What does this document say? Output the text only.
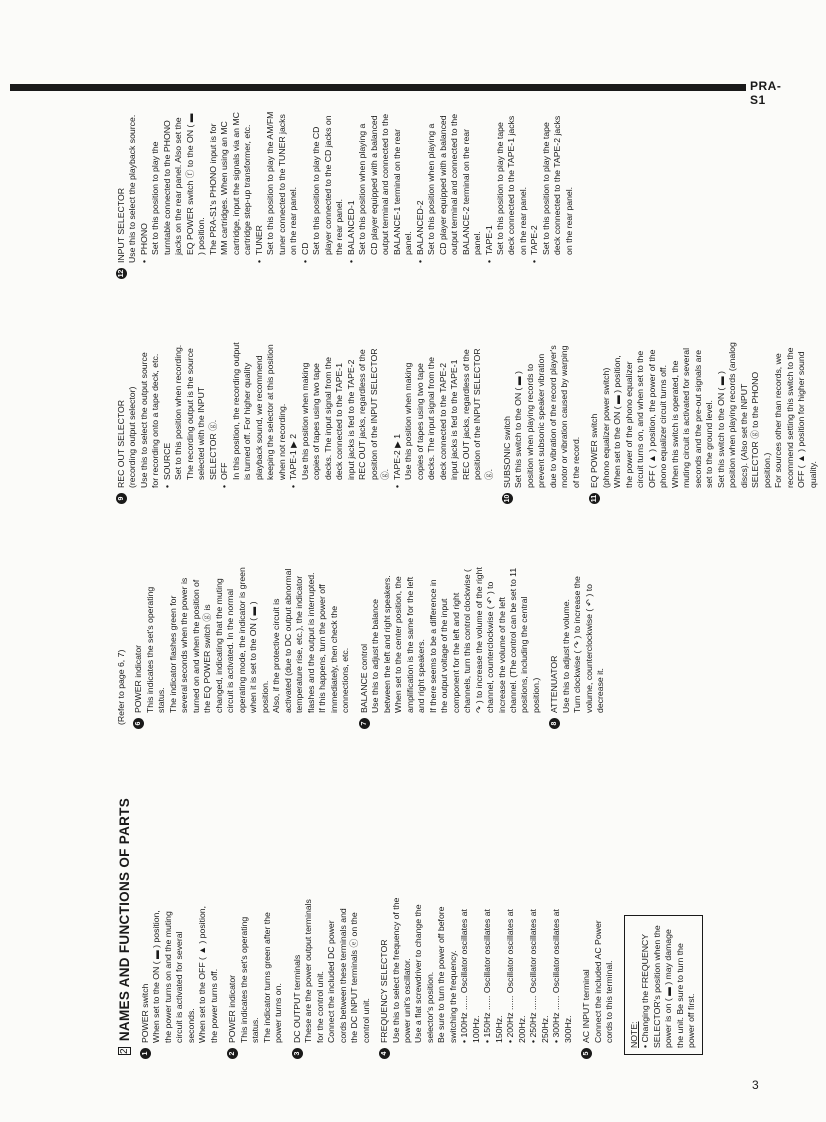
PRA-S1
2
NAMES AND FUNCTIONS OF PARTS
1
POWER switch When set to the ON ( ▬ ) position, the power turns on and the muting circuit is activated for several seconds. When set to the OFF ( ▲ ) position, the power turns off.
2
POWER indicator This indicates the set's operating status. The indicator turns green after the power turns on.
3
DC OUTPUT terminals These are the power output terminals for the control unit. Connect the included DC power cords between these terminals and the DC INPUT terminals ⓔ on the control unit.
4
FREQUENCY SELECTOR Use this to select the frequency of the power unit's oscillator. Use a flat screwdriver to change the selector's position. Be sure to turn the power off before switching the frequency. • 100Hz ...... Oscillator oscillates at 100Hz. • 150Hz ...... Oscillator oscillates at 150Hz. • 200Hz ...... Oscillator oscillates at 200Hz. • 250Hz ...... Oscillator oscillates at 250Hz. • 300Hz ...... Oscillator oscillates at 300Hz.
5
AC INPUT terminal Connect the included AC Power cords to this terminal. NOTE: • Changing the FREQUENCY SELECTOR's position when the power is on ( ▬ ) may damage the unit. Be sure to turn the power off first.
(Refer to page 6, 7) 6
POWER indicator This indicates the set's operating status. The indicator flashes green for several seconds when the power is turned on and when the position of the EQ POWER switch ⓖ is changed, indicating that the muting circuit is activated. In the normal operating mode, the indicator is green when it is set to the ON ( ▬ ) position. Also, if the protective circuit is activated (due to DC output abnormal temperature rise, etc.), the indicator flashes and the output is interrupted. If this happens, turn the power off immediately, then check the connections, etc.
7
BALANCE control Use this to adjust the balance between the left and right speakers. When set to the center position, the amplification is the same for the left and right speakers. If there seems to be a difference in the output voltage of the input component for the left and right channels, turn this control clockwise ( ↷ ) to increase the volume of the right channel, counterclockwise ( ↶ ) to increase the volume of the left channel. (The control can be set to 11 positions, including the central position.)
8
ATTENUATOR Use this to adjust the volume. Turn clockwise ( ↷ ) to increase the volume, counterclockwise ( ↶ ) to decrease it.
9
REC OUT SELECTOR (recording output selector) Use this to select the output source for recording onto a tape deck, etc. • SOURCE Set to this position when recording. The recording output is the source selected with the INPUT SELECTOR ⓖ. • OFF In this position, the recording output is turned off. For higher quality playback sound, we recommend keeping the selector at this position when not recording. • TAPE-1 ▶ 2 Use this position when making copies of tapes using two tape decks. The input signal from the deck connected to the TAPE-1 input jacks is fed to the TAPE-2 REC OUT jacks, regardless of the position of the INPUT SELECTOR ⓖ. • TAPE-2 ▶ 1 Use this position when making copies of tapes using two tape decks. The input signal from the deck connected to the TAPE-2 input jacks is fed to the TAPE-1 REC OUT jacks, regardless of the position of the INPUT SELECTOR ⓖ.
10
SUBSONIC switch Set this switch to the ON ( ▬ ) position when playing records to prevent subsonic speaker vibration due to vibration of the record player's motor or vibration caused by warping of the record.
11
EQ POWER switch (phono equalizer power switch) When set to the ON ( ▬ ) position, the power of the phono equalizer circuit turns on, and when set to the OFF ( ▲ ) position, the power of the phono equalizer circuit turns off. When this switch is operated, the muting circuit is activated for several seconds and the pre-out signals are set to the ground level. Set this switch to the ON ( ▬ ) position when playing records (analog discs). (Also set the INPUT SELECTOR ⓖ to the PHONO position.) For sources other than records, we recommend setting this switch to the OFF ( ▲ ) position for higher sound quality.
12
INPUT SELECTOR Use this to select the playback source. • PHONO Set to this position to play the turntable connected to the PHONO jacks on the rear panel. Also set the EQ POWER switch ⓕ to the ON ( ▬ ) position. The PRA-S1's PHONO input is for MM cartridges. When using an MC cartridge, input the signals via an MC cartridge step-up transformer, etc. • TUNER Set to this position to play the AM/FM tuner connected to the TUNER jacks on the rear panel. • CD Set to this position to play the CD player connected to the CD jacks on the rear panel. • BALANCED-1 Set to this position when playing a CD player equipped with a balanced output terminal and connected to the BALANCE-1 terminal on the rear panel. • BALANCED-2 Set to this position when playing a CD player equipped with a balanced output terminal and connected to the BALANCE-2 terminal on the rear panel. • TAPE-1 Set to this position to play the tape deck connected to the TAPE-1 jacks on the rear panel. • TAPE-2 Set to this position to play the tape deck connected to the TAPE-2 jacks on the rear panel.
3
